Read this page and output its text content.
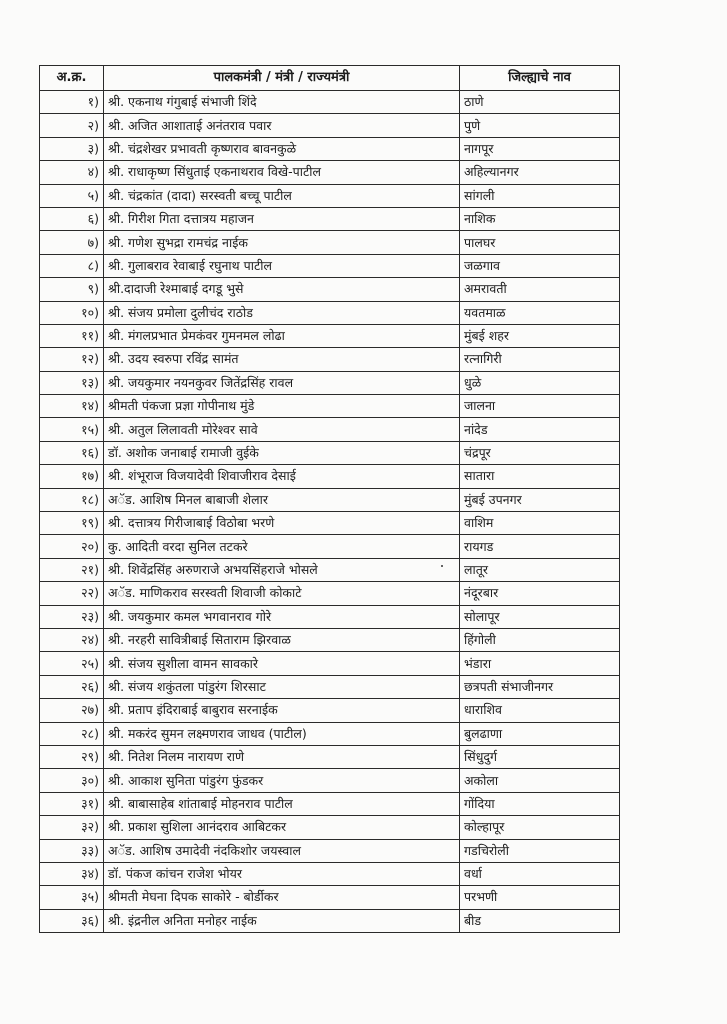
अ.क्र.	पालकमंत्री / मंत्री / राज्यमंत्री	जिल्ह्याचे नाव
१)	श्री. एकनाथ गंगुबाई संभाजी शिंदे	ठाणे
२)	श्री. अजित आशाताई अनंतराव पवार	पुणे
३)	श्री. चंद्रशेखर प्रभावती कृष्णराव बावनकुळे	नागपूर
४)	श्री. राधाकृष्ण सिंधुताई एकनाथराव विखे-पाटील	अहिल्यानगर
५)	श्री. चंद्रकांत (दादा) सरस्वती बच्चू पाटील	सांगली
६)	श्री. गिरीश गिता दत्तात्रय महाजन	नाशिक
७)	श्री. गणेश सुभद्रा रामचंद्र नाईक	पालघर
८)	श्री. गुलाबराव रेवाबाई रघुनाथ पाटील	जळगाव
९)	श्री.दादाजी रेश्माबाई दगडू भुसे	अमरावती
१०)	श्री. संजय प्रमोला दुलीचंद राठोड	यवतमाळ
११)	श्री. मंगलप्रभात प्रेमकंवर गुमनमल लोढा	मुंबई शहर
१२)	श्री. उदय स्वरुपा रविंद्र सामंत	रत्नागिरी
१३)	श्री. जयकुमार नयनकुवर जितेंद्रसिंह रावल	धुळे
१४)	श्रीमती पंकजा प्रज्ञा गोपीनाथ मुंडे	जालना
१५)	श्री. अतुल लिलावती मोरेश्वर सावे	नांदेड
१६)	डॉ. अशोक जनाबाई रामाजी वुईके	चंद्रपूर
१७)	श्री. शंभूराज विजयादेवी शिवाजीराव देसाई	सातारा
१८)	अॅड. आशिष मिनल बाबाजी शेलार	मुंबई उपनगर
१९)	श्री. दत्तात्रय गिरीजाबाई विठोबा भरणे	वाशिम
२०)	कु. आदिती वरदा सुनिल तटकरे	रायगड
२१)	श्री. शिवेंद्रसिंह अरुणराजे अभयसिंहराजे भोसले	लातूर
२२)	अॅड. माणिकराव सरस्वती शिवाजी कोकाटे	नंदूरबार
२३)	श्री. जयकुमार कमल भगवानराव गोरे	सोलापूर
२४)	श्री. नरहरी सावित्रीबाई सिताराम झिरवाळ	हिंगोली
२५)	श्री. संजय सुशीला वामन सावकारे	भंडारा
२६)	श्री. संजय शकुंतला पांडुरंग शिरसाट	छत्रपती संभाजीनगर
२७)	श्री. प्रताप इंदिराबाई बाबुराव सरनाईक	धाराशिव
२८)	श्री. मकरंद सुमन लक्ष्मणराव जाधव (पाटील)	बुलढाणा
२९)	श्री. नितेश निलम नारायण राणे	सिंधुदुर्ग
३०)	श्री. आकाश सुनिता पांडुरंग फुंडकर	अकोला
३१)	श्री. बाबासाहेब शांताबाई मोहनराव पाटील	गोंदिया
३२)	श्री. प्रकाश सुशिला आनंदराव आबिटकर	कोल्हापूर
३३)	अॅड. आशिष उमादेवी नंदकिशोर जयस्वाल	गडचिरोली
३४)	डॉ. पंकज कांचन राजेश भोयर	वर्धा
३५)	श्रीमती मेघना दिपक साकोरे - बोर्डीकर	परभणी
३६)	श्री. इंद्रनील अनिता मनोहर नाईक	बीड
